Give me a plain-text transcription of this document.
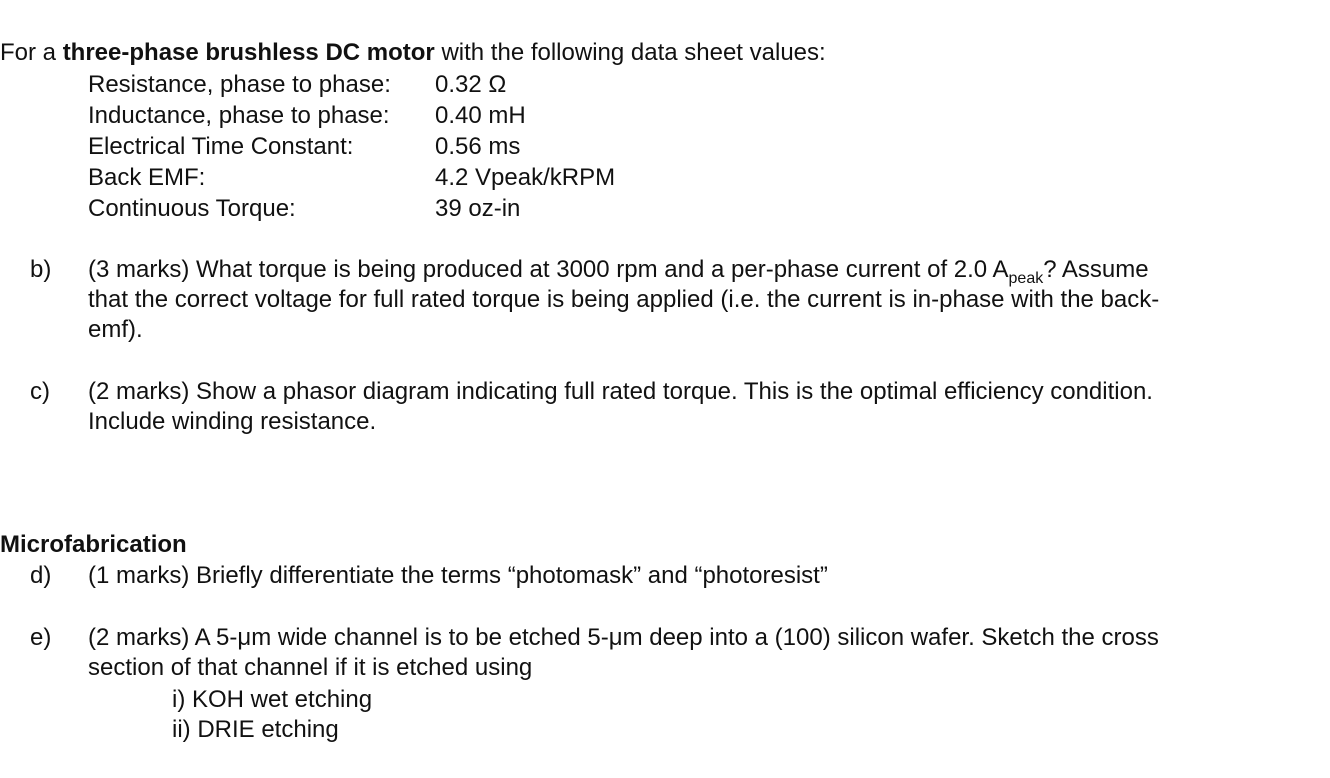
For a three-phase brushless DC motor with the following data sheet values:
Resistance, phase to phase: 0.32 Ω
Inductance, phase to phase: 0.40 mH
Electrical Time Constant:	0.56 ms
Back EMF:	4.2 Vpeak/kRPM
Continuous Torque:	39 oz-in
b) (3 marks) What torque is being produced at 3000 rpm and a per-phase current of 2.0 $A_{peak}$? Assume
that the correct voltage for full rated torque is being applied (i.e. the current is in-phase with the back-
emf).
c) (2 marks) Show a phasor diagram indicating full rated torque. This is the optimal efficiency condition.
Include winding resistance.
Microfabrication
d) (1 marks) Briefly differentiate the terms “photomask” and “photoresist”
e) (2 marks) A 5-μm wide channel is to be etched 5-μm deep into a (100) silicon wafer. Sketch the cross
section of that channel if it is etched using
i) KOH wet etching
ii) DRIE etching
